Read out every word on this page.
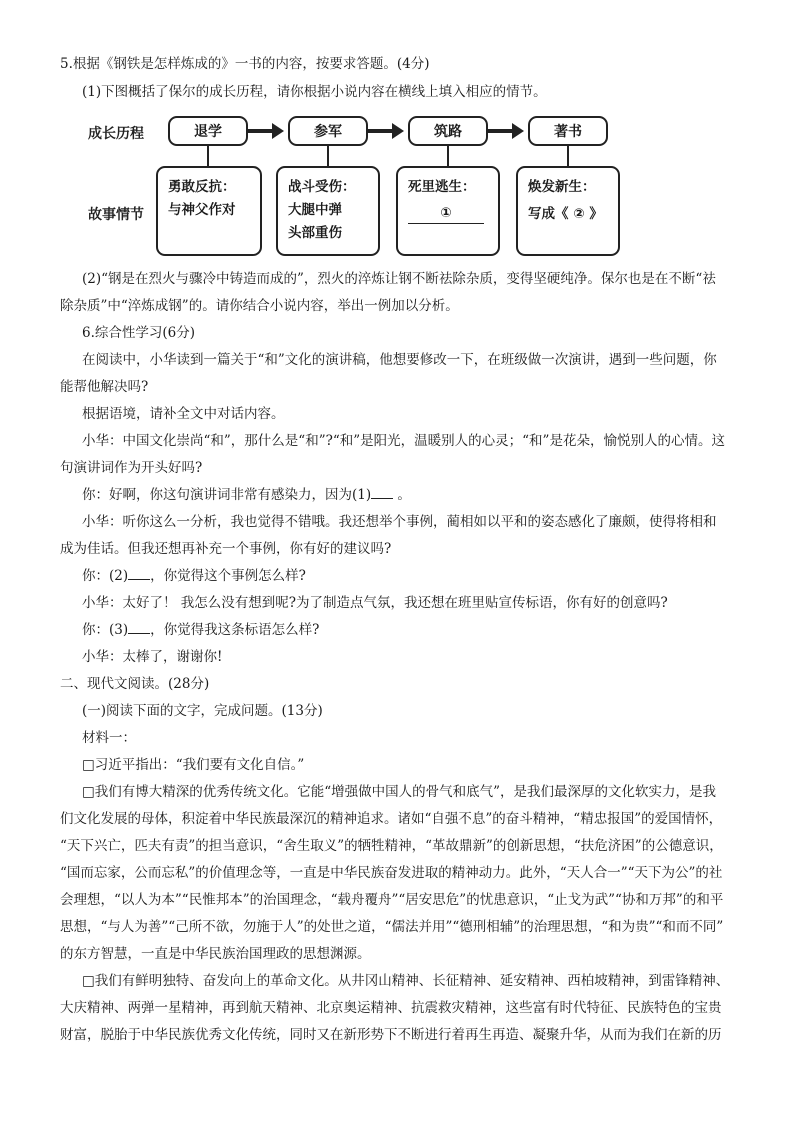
5.根据《钢铁是怎样炼成的》一书的内容，按要求答题。(4分)
(1)下图概括了保尔的成长历程，请你根据小说内容在横线上填入相应的情节。
成长历程
故事情节
退学	参军	筑路	著书
勇敢反抗：
与神父作对
战斗受伤：
大腿中弹
头部重伤
死里逃生：
①
焕发新生：
写成《 ② 》
(2)“钢是在烈火与骤冷中铸造而成的”，烈火的淬炼让钢不断祛除杂质，变得坚硬纯净。保尔也是在不断“祛
除杂质”中“淬炼成钢”的。请你结合小说内容，举出一例加以分析。
6.综合性学习(6分)
在阅读中，小华读到一篇关于“和”文化的演讲稿，他想要修改一下，在班级做一次演讲，遇到一些问题，你
能帮他解决吗?
根据语境，请补全文中对话内容。
小华：中国文化崇尚“和”，那什么是“和”?“和”是阳光，温暖别人的心灵；“和”是花朵，愉悦别人的心情。这
句演讲词作为开头好吗?
你：好啊，你这句演讲词非常有感染力，因为(1) 。
小华：听你这么一分析，我也觉得不错哦。我还想举个事例，蔺相如以平和的姿态感化了廉颇，使得将相和
成为佳话。但我还想再补充一个事例，你有好的建议吗?
你：(2) ，你觉得这个事例怎么样?
小华：太好了！ 我怎么没有想到呢?为了制造点气氛，我还想在班里贴宣传标语，你有好的创意吗?
你：(3) ，你觉得我这条标语怎么样?
小华：太棒了，谢谢你!
二、现代文阅读。(28分)
(一)阅读下面的文字，完成问题。(13分)
材料一：
□习近平指出：“我们要有文化自信。”
□我们有博大精深的优秀传统文化。它能“增强做中国人的骨气和底气”，是我们最深厚的文化软实力，是我
们文化发展的母体，积淀着中华民族最深沉的精神追求。诸如“自强不息”的奋斗精神，“精忠报国”的爱国情怀，
“天下兴亡，匹夫有责”的担当意识，“舍生取义”的牺牲精神，“革故鼎新”的创新思想，“扶危济困”的公德意识，
“国而忘家，公而忘私”的价值理念等，一直是中华民族奋发进取的精神动力。此外，“天人合一”“天下为公”的社
会理想，“以人为本”“民惟邦本”的治国理念，“载舟覆舟”“居安思危”的忧患意识，“止戈为武”“协和万邦”的和平
思想，“与人为善”“己所不欲，勿施于人”的处世之道，“儒法并用”“德刑相辅”的治理思想，“和为贵”“和而不同”
的东方智慧，一直是中华民族治国理政的思想渊源。
□我们有鲜明独特、奋发向上的革命文化。从井冈山精神、长征精神、延安精神、西柏坡精神，到雷锋精神、
大庆精神、两弹一星精神，再到航天精神、北京奥运精神、抗震救灾精神，这些富有时代特征、民族特色的宝贵
财富，脱胎于中华民族优秀文化传统，同时又在新形势下不断进行着再生再造、凝聚升华，从而为我们在新的历
